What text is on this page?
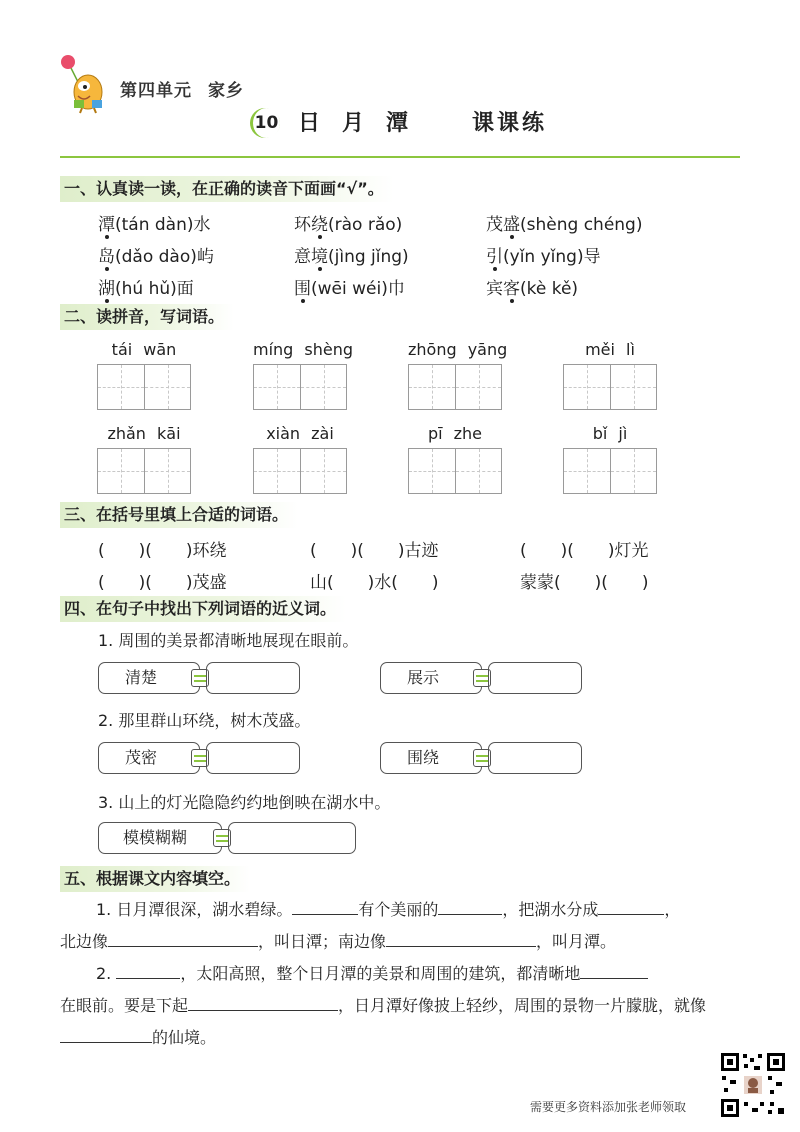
第四单元 家乡
10 日月潭 课课练
一、认真读一读，在正确的读音下面画“√”。
潭(tán dàn)水	环绕(rào rǎo)	茂盛(shèng chéng)
岛(dǎo dào)屿	意境(jìng jǐng)	引(yǐn yǐng)导
湖(hú hǔ)面	围(wēi wéi)巾	宾客(kè kě)
二、读拼音，写词语。
tái wān	míng shèng	zhōng yāng	měi lì
zhǎn kāi	xiàn zài	pī zhe	bǐ jì
三、在括号里填上合适的词语。
(　　)(　　)环绕	(　　)(　　)古迹	(　　)(　　)灯光
(　　)(　　)茂盛	山(　　)水(　　)	蒙蒙(　　)(　　)
四、在句子中找出下列词语的近义词。
1. 周围的美景都清晰地展现在眼前。
清楚	展示
2. 那里群山环绕，树木茂盛。
茂密	围绕
3. 山上的灯光隐隐约约地倒映在湖水中。
模模糊糊
五、根据课文内容填空。
1. 日月潭很深，湖水碧绿。	有个美丽的	，把湖水分成	，
北边像	，叫日潭；南边像	，叫月潭。
2.	，太阳高照，整个日月潭的美景和周围的建筑，都清晰地
在眼前。要是下起	，日月潭好像披上轻纱，周围的景物一片朦胧，就像的仙境。
需要更多资料添加张老师领取
